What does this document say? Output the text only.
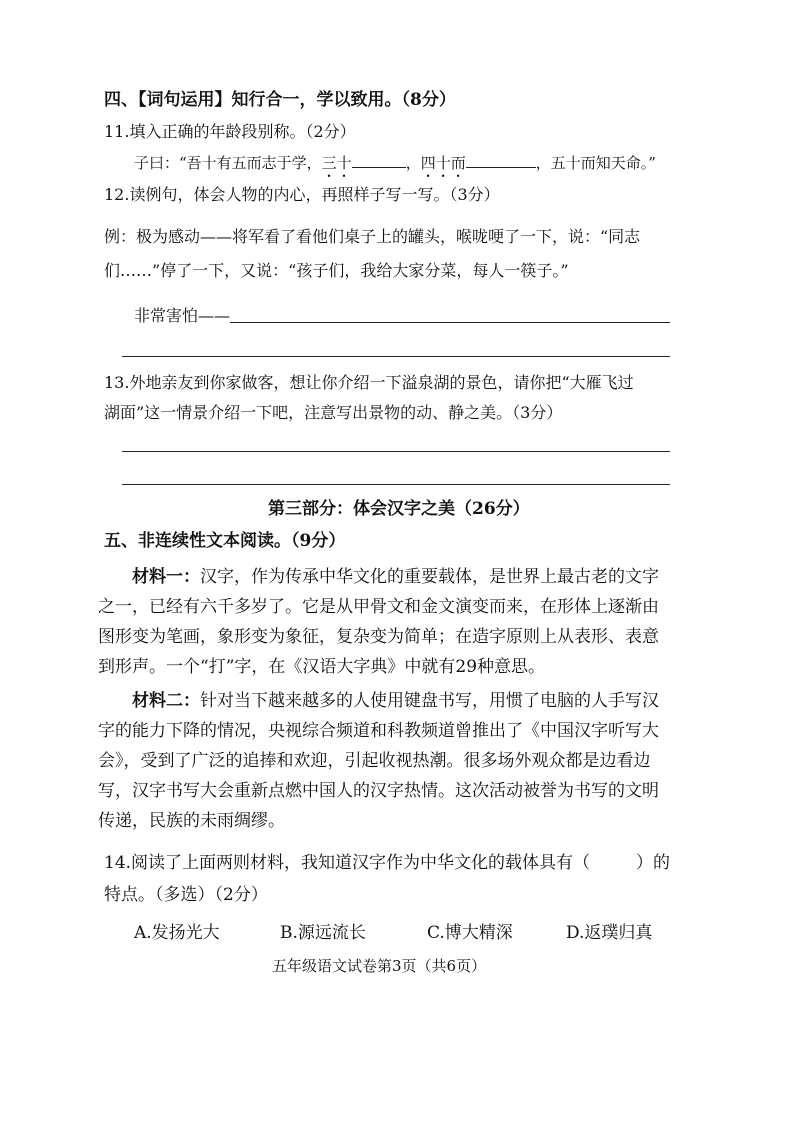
四、【词句运用】知行合一，学以致用。（8分）
11.填入正确的年龄段别称。（2分）
子曰：“吾十有五而志于学，三十	，四十而	，五十而知天命。”
12.读例句，体会人物的内心，再照样子写一写。（3分）
例：极为感动——将军看了看他们桌子上的罐头，喉咙哽了一下，说：“同志
们……”停了一下，又说：“孩子们，我给大家分菜，每人一筷子。”
非常害怕——
13.外地亲友到你家做客，想让你介绍一下溢泉湖的景色，请你把“大雁飞过
湖面”这一情景介绍一下吧，注意写出景物的动、静之美。（3分）
第三部分：体会汉字之美（26分）
五、非连续性文本阅读。（9分）
材料一：汉字，作为传承中华文化的重要载体，是世界上最古老的文字
之一，已经有六千多岁了。它是从甲骨文和金文演变而来，在形体上逐渐由
图形变为笔画，象形变为象征，复杂变为简单；在造字原则上从表形、表意
到形声。一个“打”字，在《汉语大字典》中就有29种意思。
材料二：针对当下越来越多的人使用键盘书写，用惯了电脑的人手写汉
字的能力下降的情况，央视综合频道和科教频道曾推出了《中国汉字听写大
会》，受到了广泛的追捧和欢迎，引起收视热潮。很多场外观众都是边看边
写，汉字书写大会重新点燃中国人的汉字热情。这次活动被誉为书写的文明
传递，民族的未雨绸缪。
14.阅读了上面两则材料，我知道汉字作为中华文化的载体具有（	）的
特点。（多选）（2分）
A.发扬光大	B.源远流长	C.博大精深	D.返璞归真
五年级语文试卷第3页（共6页）
